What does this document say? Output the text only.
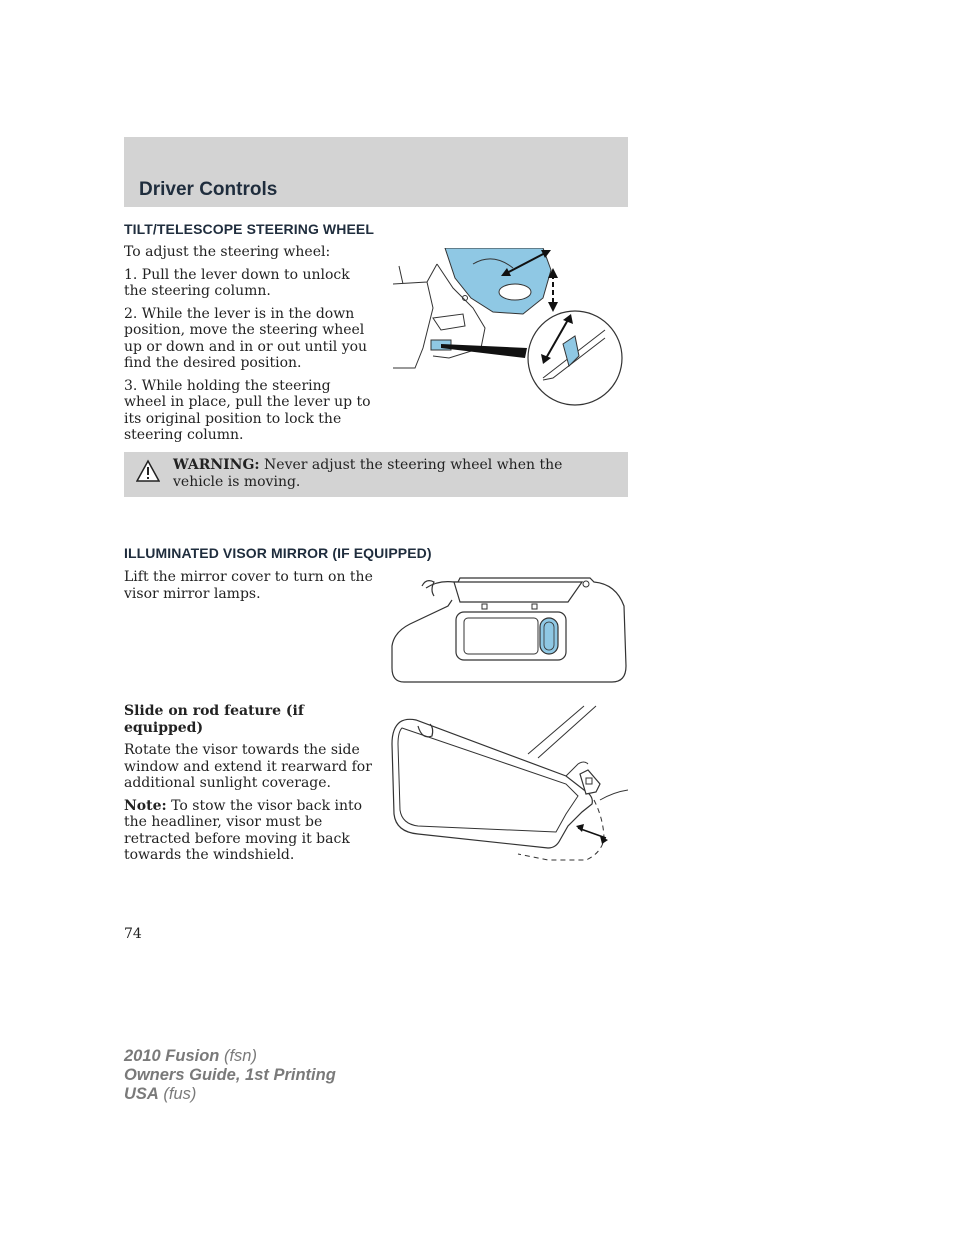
Driver Controls
TILT/TELESCOPE STEERING WHEEL

To adjust the steering wheel:

1. Pull the lever down to unlock the steering column.

2. While the lever is in the down position, move the steering wheel up or down and in or out until you find the desired position.

3. While holding the steering wheel in place, pull the lever up to its original position to lock the steering column.

WARNING: Never adjust the steering wheel when the vehicle is moving.
ILLUMINATED VISOR MIRROR (IF EQUIPPED)

Lift the mirror cover to turn on the visor mirror lamps.

Slide on rod feature (if equipped)

Rotate the visor towards the side window and extend it rearward for additional sunlight coverage.

Note: To stow the visor back into the headliner, visor must be retracted before moving it back towards the windshield.

74
2010 Fusion (fsn)
Owners Guide, 1st Printing
USA (fus)
